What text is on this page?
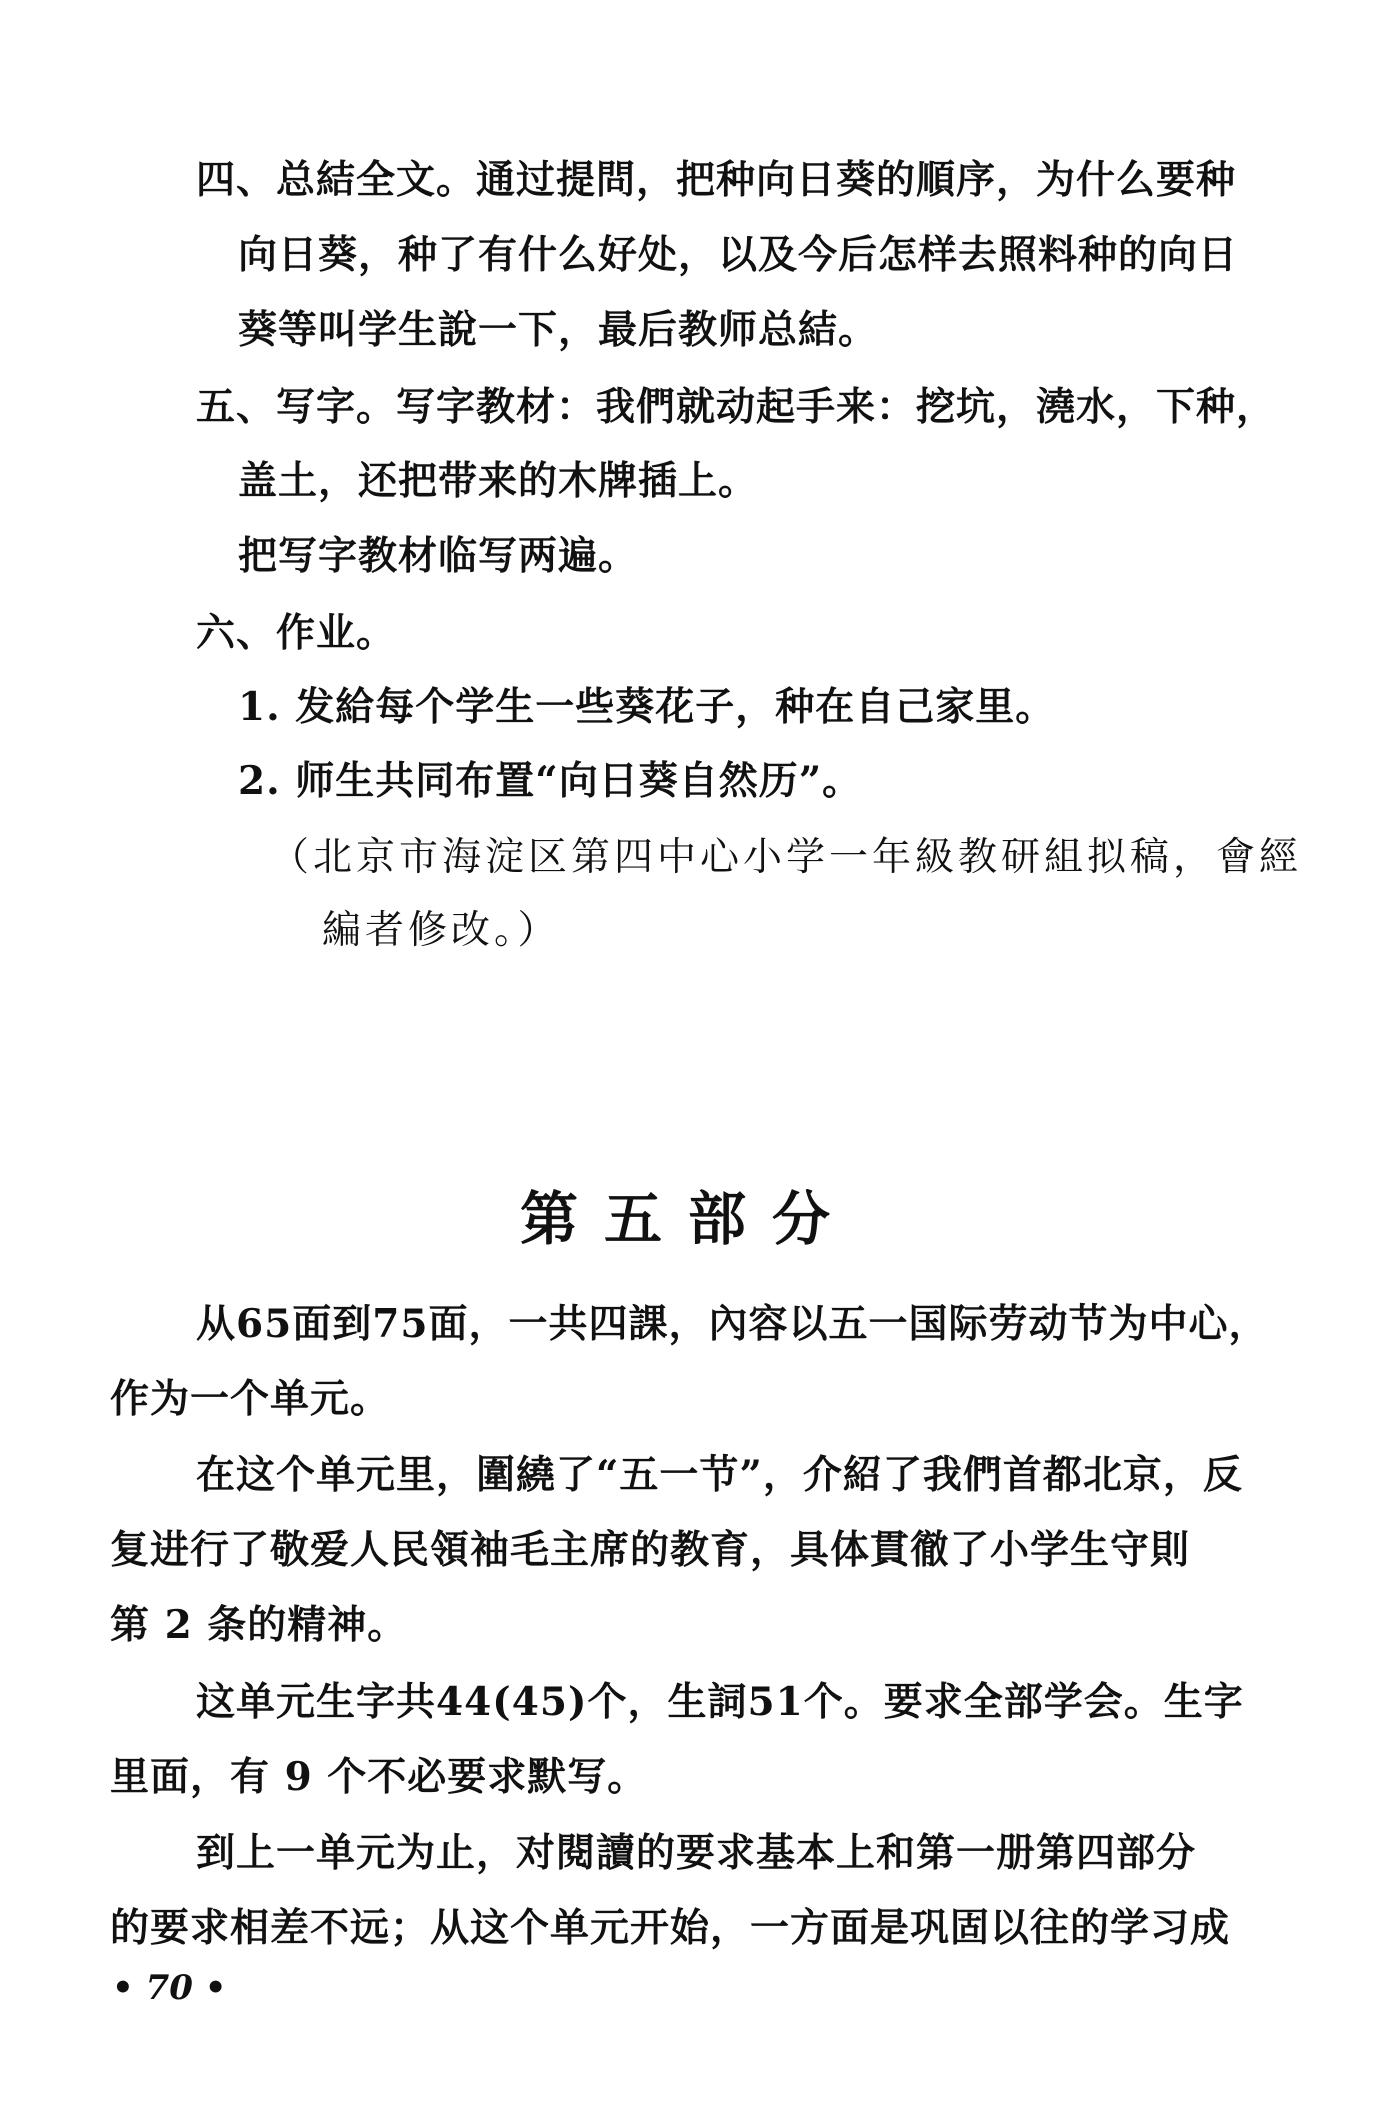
四、总結全文。通过提問，把种向日葵的順序，为什么要种
向日葵，种了有什么好处，以及今后怎样去照料种的向日
葵等叫学生說一下，最后教师总結。
五、写字。写字教材：我們就动起手来：挖坑，澆水，下种，
盖土，还把带来的木牌插上。
把写字教材临写两遍。
六、作业。
1. 发給每个学生一些葵花子，种在自己家里。
2. 师生共同布置“向日葵自然历”。
（北京市海淀区第四中心小学一年級教研組拟稿，會經
編者修改。）
第五部分
从65面到75面，一共四課，內容以五一国际劳动节为中心，
作为一个单元。
在这个单元里，圍繞了“五一节”，介紹了我們首都北京，反
复进行了敬爱人民領袖毛主席的教育，具体貫徹了小学生守則
第 2 条的精神。
这单元生字共44(45)个，生詞51个。要求全部学会。生字
里面，有 9 个不必要求默写。
到上一单元为止，对閱讀的要求基本上和第一册第四部分
的要求相差不远；从这个单元开始，一方面是巩固以往的学习成
• 70 •
